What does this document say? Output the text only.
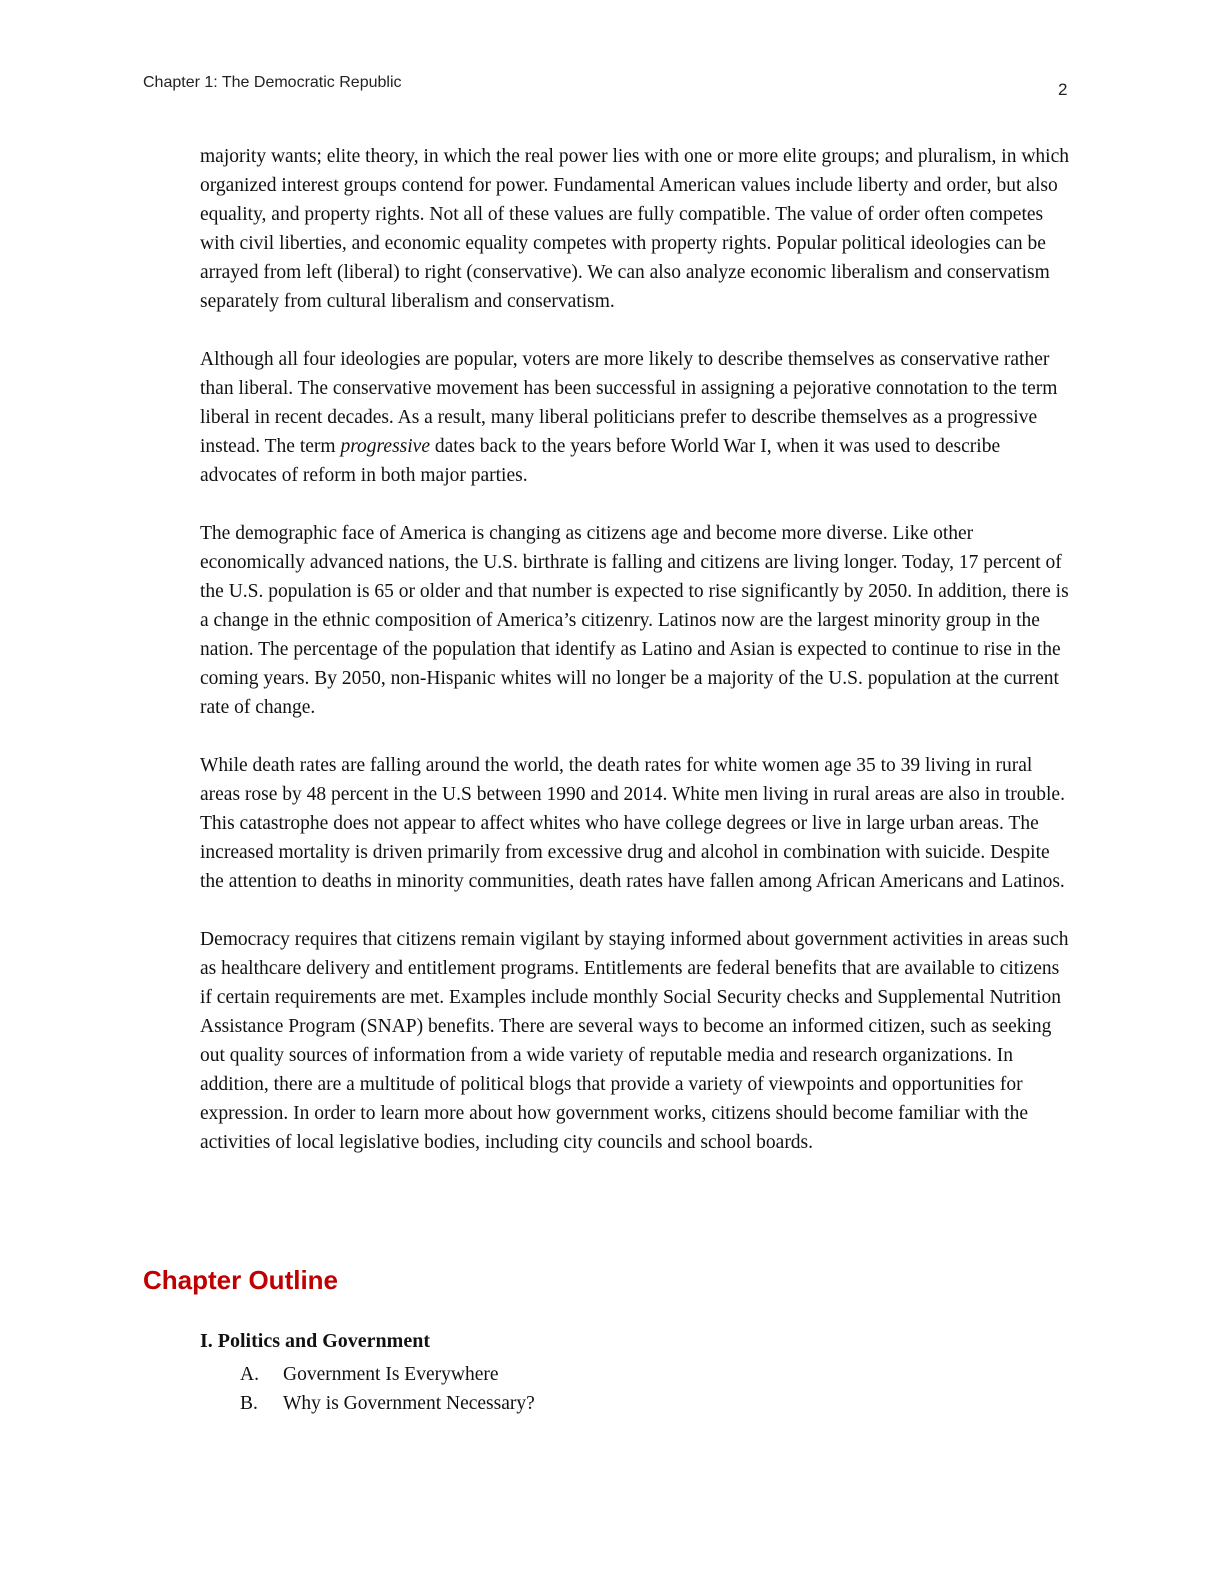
Chapter 1: The Democratic Republic	2

majority wants; elite theory, in which the real power lies with one or more elite groups; and pluralism, in which organized interest groups contend for power. Fundamental American values include liberty and order, but also equality, and property rights. Not all of these values are fully compatible. The value of order often competes with civil liberties, and economic equality competes with property rights. Popular political ideologies can be arrayed from left (liberal) to right (conservative). We can also analyze economic liberalism and conservatism separately from cultural liberalism and conservatism.

Although all four ideologies are popular, voters are more likely to describe themselves as conservative rather than liberal. The conservative movement has been successful in assigning a pejorative connotation to the term liberal in recent decades. As a result, many liberal politicians prefer to describe themselves as a progressive instead. The term progressive dates back to the years before World War I, when it was used to describe advocates of reform in both major parties.

The demographic face of America is changing as citizens age and become more diverse. Like other economically advanced nations, the U.S. birthrate is falling and citizens are living longer. Today, 17 percent of the U.S. population is 65 or older and that number is expected to rise significantly by 2050. In addition, there is a change in the ethnic composition of America’s citizenry. Latinos now are the largest minority group in the nation. The percentage of the population that identify as Latino and Asian is expected to continue to rise in the coming years. By 2050, non-Hispanic whites will no longer be a majority of the U.S. population at the current rate of change.

While death rates are falling around the world, the death rates for white women age 35 to 39 living in rural areas rose by 48 percent in the U.S between 1990 and 2014. White men living in rural areas are also in trouble. This catastrophe does not appear to affect whites who have college degrees or live in large urban areas. The increased mortality is driven primarily from excessive drug and alcohol in combination with suicide. Despite the attention to deaths in minority communities, death rates have fallen among African Americans and Latinos.

Democracy requires that citizens remain vigilant by staying informed about government activities in areas such as healthcare delivery and entitlement programs. Entitlements are federal benefits that are available to citizens if certain requirements are met. Examples include monthly Social Security checks and Supplemental Nutrition Assistance Program (SNAP) benefits. There are several ways to become an informed citizen, such as seeking out quality sources of information from a wide variety of reputable media and research organizations. In addition, there are a multitude of political blogs that provide a variety of viewpoints and opportunities for expression. In order to learn more about how government works, citizens should become familiar with the activities of local legislative bodies, including city councils and school boards.

Chapter Outline
I. Politics and Government
A.	Government Is Everywhere
B.	Why is Government Necessary?
